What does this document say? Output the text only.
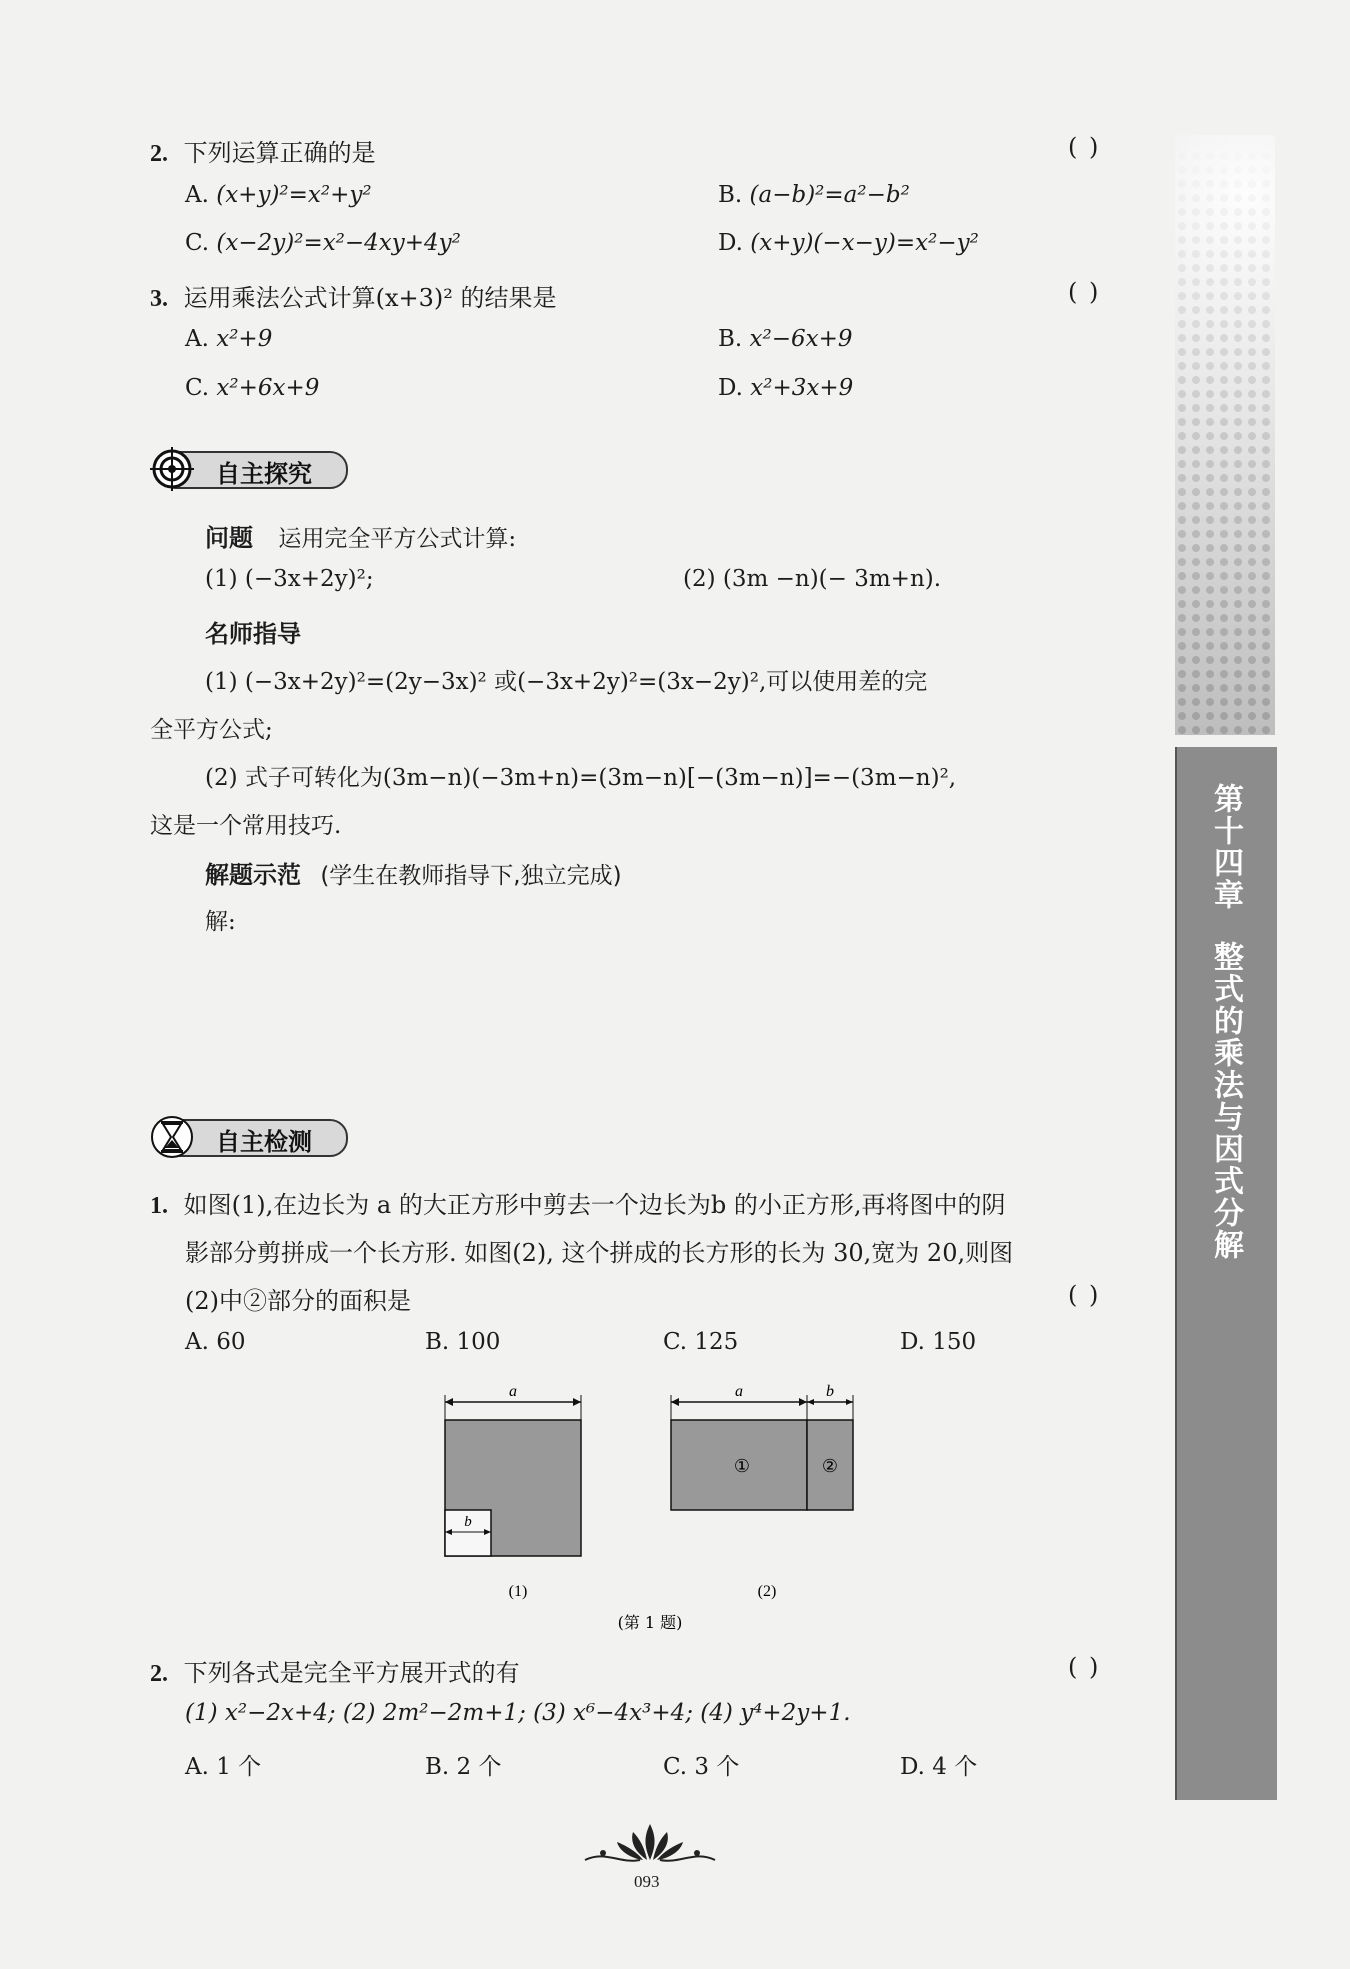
第十四章整式的乘法与因式分解
2. 下列运算正确的是	( )
A. (x+y)²=x²+y²	B. (a−b)²=a²−b²
C. (x−2y)²=x²−4xy+4y²	D. (x+y)(−x−y)=x²−y²
3. 运用乘法公式计算(x+3)² 的结果是	( )
A. x²+9	B. x²−6x+9
C. x²+6x+9	D. x²+3x+9
自主探究
问题 运用完全平方公式计算:
(1) (−3x+2y)²;	(2) (3m −n)(− 3m+n).
名师指导
(1) (−3x+2y)²=(2y−3x)² 或(−3x+2y)²=(3x−2y)²,可以使用差的完
全平方公式;
(2) 式子可转化为(3m−n)(−3m+n)=(3m−n)[−(3m−n)]=−(3m−n)²,
这是一个常用技巧.
解题示范 (学生在教师指导下,独立完成)
解:
自主检测
1. 如图(1),在边长为 a 的大正方形中剪去一个边长为b 的小正方形,再将图中的阴
影部分剪拼成一个长方形. 如图(2), 这个拼成的长方形的长为 30,宽为 20,则图
(2)中②部分的面积是	( )
A. 60	B. 100	C. 125	D. 150
a
b
(1)
a	b
①	②
(2)
(第 1 题)
2. 下列各式是完全平方展开式的有	( )
(1) x²−2x+4; (2) 2m²−2m+1; (3) x⁶−4x³+4; (4) y⁴+2y+1.
A. 1 个	B. 2 个	C. 3 个	D. 4 个
093
